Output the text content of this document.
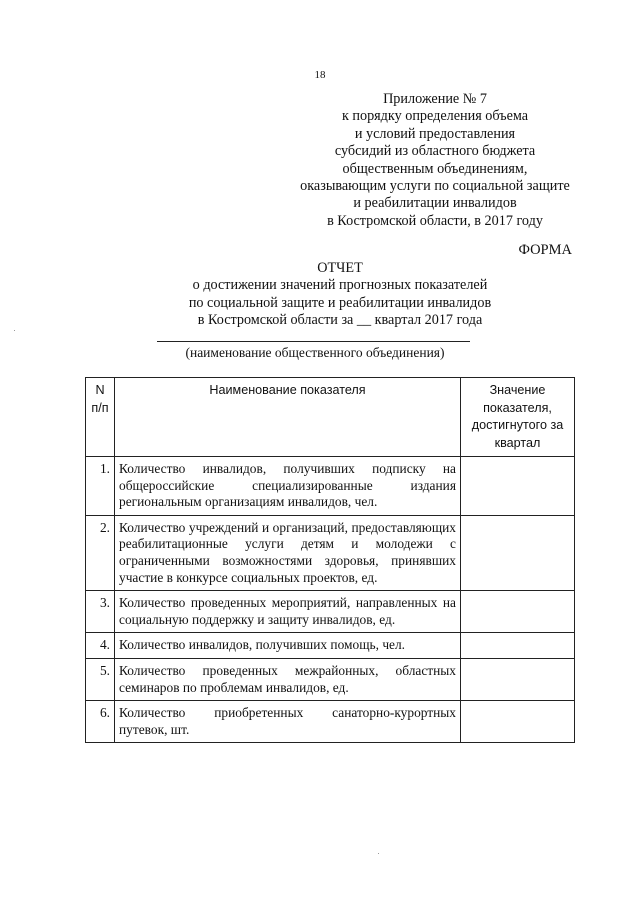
18
Приложение № 7
к порядку определения объема
и условий предоставления
субсидий из областного бюджета
общественным объединениям,
оказывающим услуги по социальной защите
и реабилитации инвалидов
в Костромской области, в 2017 году
ФОРМА
ОТЧЕТ
о достижении значений прогнозных показателей
по социальной защите и реабилитации инвалидов
в Костромской области за __ квартал 2017 года
(наименование общественного объединения)
N п/п	Наименование показателя	Значение показателя, достигнутого за квартал
1.	Количество инвалидов, получивших подписку на общероссийские специализированные издания региональным организациям инвалидов, чел.	
2.	Количество учреждений и организаций, предоставляющих реабилитационные услуги детям и молодежи с ограниченными возможностями здоровья, принявших участие в конкурсе социальных проектов, ед.	
3.	Количество проведенных мероприятий, направленных на социальную поддержку и защиту инвалидов, ед.	
4.	Количество инвалидов, получивших помощь, чел.	
5.	Количество проведенных межрайонных, областных семинаров по проблемам инвалидов, ед.	
6.	Количество приобретенных санаторно-курортных путевок, шт.	
